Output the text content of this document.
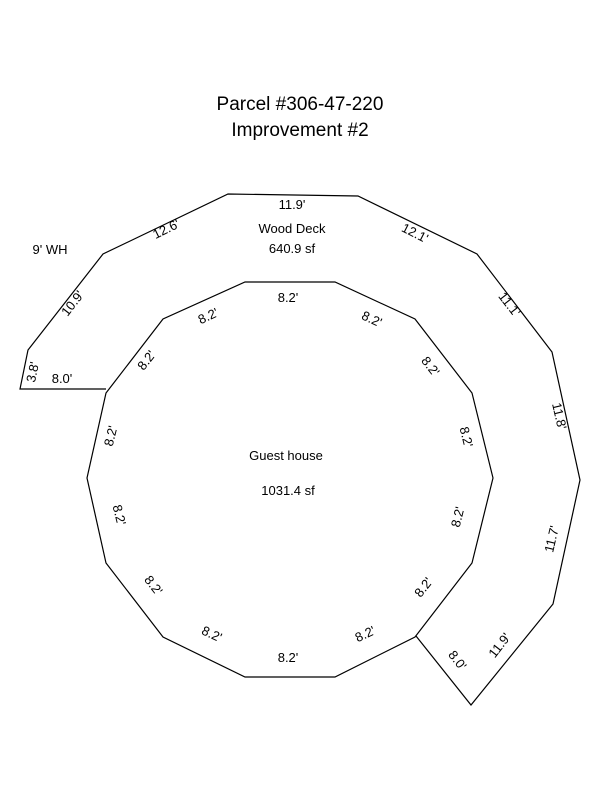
Parcel #306-47-220
Improvement #2
Wood Deck
640.9 sf
9' WH
11.9'
12.1'
11.1'
11.8'
11.7'
11.9'
8.0'
12.6'
10.9'
3.8' 8.0'
Guest house
1031.4 sf
8.2'
8.2'
8.2'
8.2'
8.2'
8.2'
8.2'
8.2'
8.2'
8.2'
8.2'
8.2'
8.2'
8.2'
